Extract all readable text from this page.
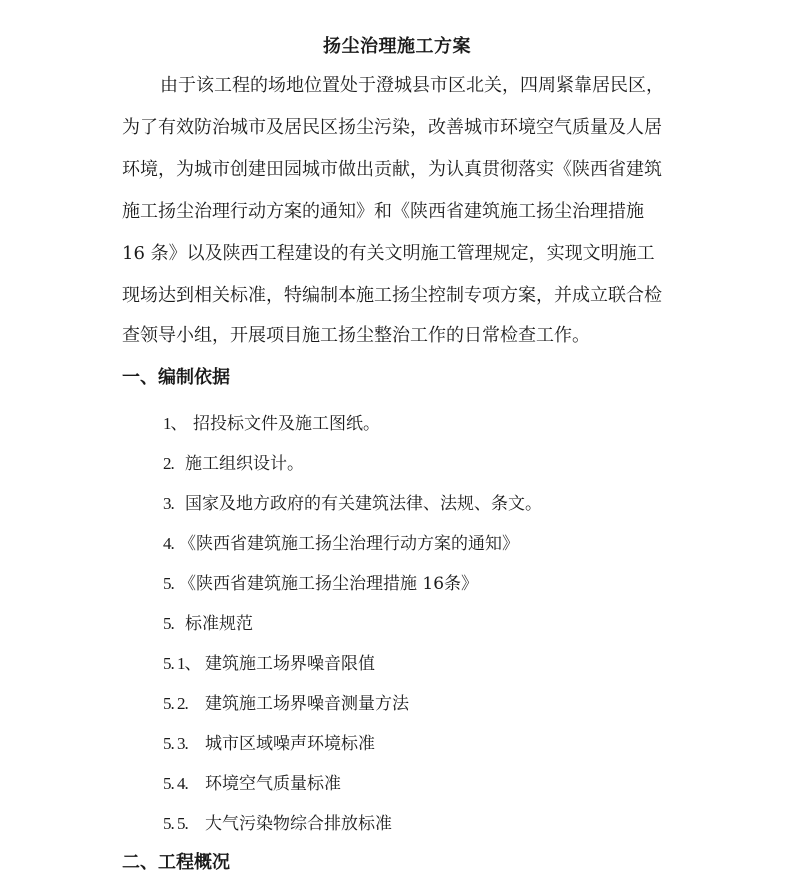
扬尘治理施工方案
由于该工程的场地位置处于澄城县市区北关，四周紧靠居民区，
为了有效防治城市及居民区扬尘污染，改善城市环境空气质量及人居
环境，为城市创建田园城市做出贡献，为认真贯彻落实《陕西省建筑
施工扬尘治理行动方案的通知》和《陕西省建筑施工扬尘治理措施
16 条》以及陕西工程建设的有关文明施工管理规定，实现文明施工
现场达到相关标准，特编制本施工扬尘控制专项方案，并成立联合检
查领导小组，开展项目施工扬尘整治工作的日常检查工作。
一、编制依据
1、 招投标文件及施工图纸。
2. 施工组织设计。
3. 国家及地方政府的有关建筑法律、法规、条文。
4. 《陕西省建筑施工扬尘治理行动方案的通知》
5. 《陕西省建筑施工扬尘治理措施 16条》
5. 标准规范
5. 1、 建筑施工场界噪音限值
5. 2. 建筑施工场界噪音测量方法
5. 3. 城市区域噪声环境标准
5. 4. 环境空气质量标准
5. 5. 大气污染物综合排放标准
二、工程概况
